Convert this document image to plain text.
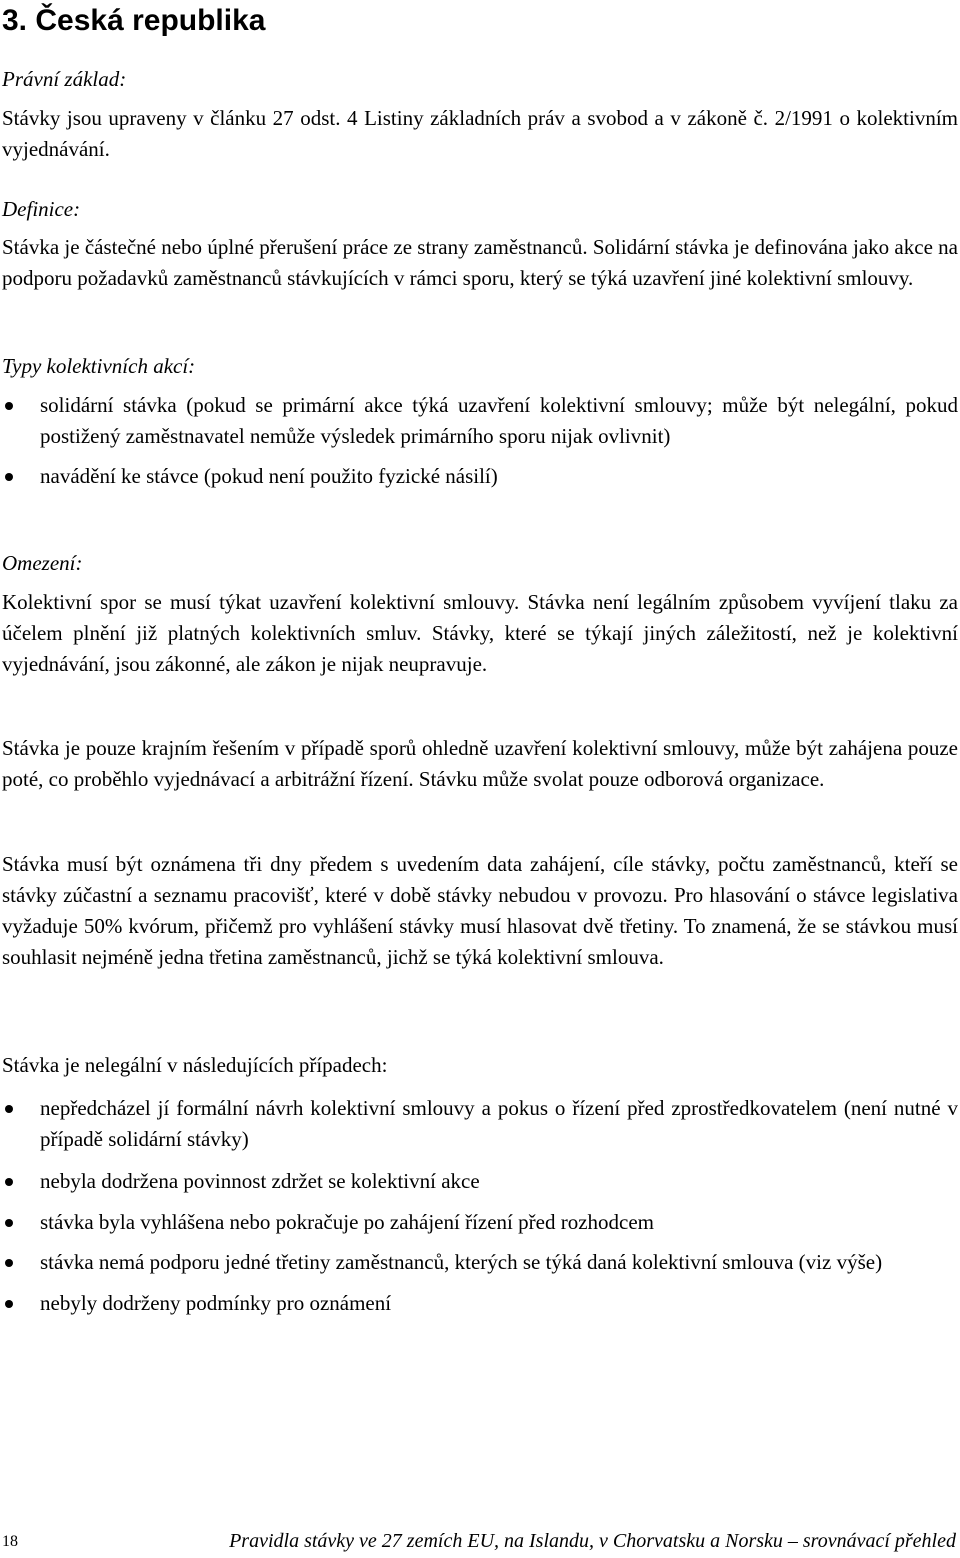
3. Česká republika

Právní základ:

Stávky jsou upraveny v článku 27 odst. 4 Listiny základních práv a svobod a v zákoně č. 2/1991 o kolektivním vyjednávání.

Definice:

Stávka je částečné nebo úplné přerušení práce ze strany zaměstnanců. Solidární stávka je definována jako akce na podporu požadavků zaměstnanců stávkujících v rámci sporu, který se týká uzavření jiné kolektivní smlouvy.

Typy kolektivních akcí:

solidární stávka (pokud se primární akce týká uzavření kolektivní smlouvy; může být nelegální, pokud postižený zaměstnavatel nemůže výsledek primárního sporu nijak ovlivnit)
navádění ke stávce (pokud není použito fyzické násilí)

Omezení:

Kolektivní spor se musí týkat uzavření kolektivní smlouvy. Stávka není legálním způsobem vyvíjení tlaku za účelem plnění již platných kolektivních smluv. Stávky, které se týkají jiných záležitostí, než je kolektivní vyjednávání, jsou zákonné, ale zákon je nijak neupravuje.

Stávka je pouze krajním řešením v případě sporů ohledně uzavření kolektivní smlouvy, může být zahájena pouze poté, co proběhlo vyjednávací a arbitrážní řízení. Stávku může svolat pouze odborová organizace.

Stávka musí být oznámena tři dny předem s uvedením data zahájení, cíle stávky, počtu zaměstnanců, kteří se stávky zúčastní a seznamu pracovišť, které v době stávky nebudou v provozu. Pro hlasování o stávce legislativa vyžaduje 50% kvórum, přičemž pro vyhlášení stávky musí hlasovat dvě třetiny. To znamená, že se stávkou musí souhlasit nejméně jedna třetina zaměstnanců, jichž se týká kolektivní smlouva.

Stávka je nelegální v následujících případech:

nepředcházel jí formální návrh kolektivní smlouvy a pokus o řízení před zprostředkovatelem (není nutné v případě solidární stávky)
nebyla dodržena povinnost zdržet se kolektivní akce
stávka byla vyhlášena nebo pokračuje po zahájení řízení před rozhodcem
stávka nemá podporu jedné třetiny zaměstnanců, kterých se týká daná kolektivní smlouva (viz výše)
nebyly dodrženy podmínky pro oznámení
18	Pravidla stávky ve 27 zemích EU, na Islandu, v Chorvatsku a Norsku – srovnávací přehled
